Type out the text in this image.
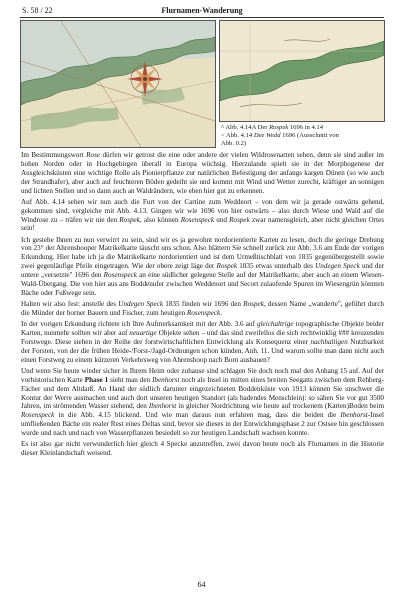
S. 58 / 22	Flurnamen-Wanderung
^ Abb. 4.14A Der Rospek 1696 in 4.14
< Abb. 4.14 Dee Wedd 1696 (Ausschnitt von
Abb. 0.2)

Im Bestimmungswort Rose dürfen wir getrost die eine oder andere der vielen Wildrosenarten sehen, denn sie sind außer im hohen Norden oder in Hochgebirgen überall in Europa wüchsig. Hierzulande spielt sie in der Morphogenese der Ausgleichsküsten eine wichtige Rolle als Pionierpflanze zur natürlichen Befestigung der anfangs kargen Dünen (so wie auch der Strandhafer), aber auch auf feuchteren Böden gedeiht sie und kommt mit Wind und Wetter zurecht, kräftiger an sonnigen und lichten Stellen und so dann auch an Waldrändern, wie eben hier gut zu erkennen.

Auf Abb. 4.14 sehen wir nun auch die Furt von der Cartine zum Weddeort – von dem wir ja gerade ostwärts gehend, gekommen sind, vergleiche mit Abb. 4.13. Gingen wir wie 1696 von hier ostwärts – also durch Wiese und Wald auf die Windrose zu – träfen wir nie den Rospek, also können Rosenspeck und Rospek zwar namensgleich, aber nicht gleichen Ortes sein!

Ich gestehe Ihnen zu nun verwirrt zu sein, sind wir es ja gewohnt nordorientierte Karten zu lesen, doch die geringe Drehung von 23° der Ahrenshooper Matrikelkarte täuscht uns schon. Also blättern Sie schnell zurück zur Abb. 3.6 am Ende der vorigen Erkundung. Hier habe ich ja die Matrikelkarte nordorientiert und ist dem Urmeßtischblatt von 1835 gegenübergestellt sowie zwei gegenläufige Pfeile eingetragen. Wie der obere zeigt läge der Rospek 1835 etwas unterhalb des Undegen Speck und der untere „versetzte" 1696 den Rosenspeck an eine südlicher gelegene Stelle auf der Matrikelkarte, aber auch an einem Wiesen-Wald-Übergang. Die von hier aus ans Boddenufer zwischen Weddenort und Secort zulaufende Spuren im Wiesengrün könnten Bäche oder Fußwege sein.

Halten wir also fest: anstelle des Undegen Speck 1835 finden wir 1696 den Rospek, dessen Name „wanderte", geführt durch die Münder der borner Bauern und Fischer, zum heutigen Rosenspeck.

In der vorigen Erkundung richtete ich Ihre Aufmerksamkeit mit der Abb. 3.6 auf gleichaltrige topographische Objekte beider Karten, nunmehr sollten wir aber auf neuartige Objekte sehen – und das sind zweifellos die sich rechtwinklig ### kreuzenden Forstwege. Diese stehen in der Reihe der forstwirtschaftlichen Entwicklung als Konsequenz einer nachhaltigen Nutzbarkeit der Forsten, von der die frühen Heide-/Forst-/Jagd-Ordnungen schon künden, Anh. 11. Und warum sollte man dann nicht auch einen Forstweg zu einem kürzeren Verkehrsweg von Ahrenshoop nach Born ausbauen?

Und wenn Sie heute wieder sicher in Ihrem Heim oder zuhause sind schlagen Sie doch noch mal den Anhang 15 auf. Auf der vorhistorischen Karte Phase 1 sieht man den Ibenhorst noch als Insel in mitten eines breiten Seegatts zwischen dem Rehberg-Fächer und dem Altdarß. An Hand der südlich darunter eingezeichneten Boddenküste von 1913 können Sie unschwer die Kontur der Werre ausmachen und auch dort unseren heutigen Standort (als badendes Menschlein): so sähen Sie vor gut 3500 Jahren, im strömenden Wasser stehend, den Ibenhorst in gleicher Nordrichtung wie heute auf trockenem (Karten)Boden beim Rosenspeck in die Abb. 4.15 blickend. Und wie man daraus nun erfahren mag, dass die beiden die Ibenhorst-Insel umfließenden Bäche ein realer Rest eines Deltas sind, bevor sie dieses in der Entwicklungsphase 2 zur Ostsee hin geschlossen wurde und nach und nach von Wasserpflanzen besiedelt so zur heutigen Landschaft wachsen konnte.

Es ist also gar nicht verwunderlich hier gleich 4 Specke anzutreffen, zwei davon heute noch als Flurnamen in die Historie dieser Kleinlandschaft weisend.

64
